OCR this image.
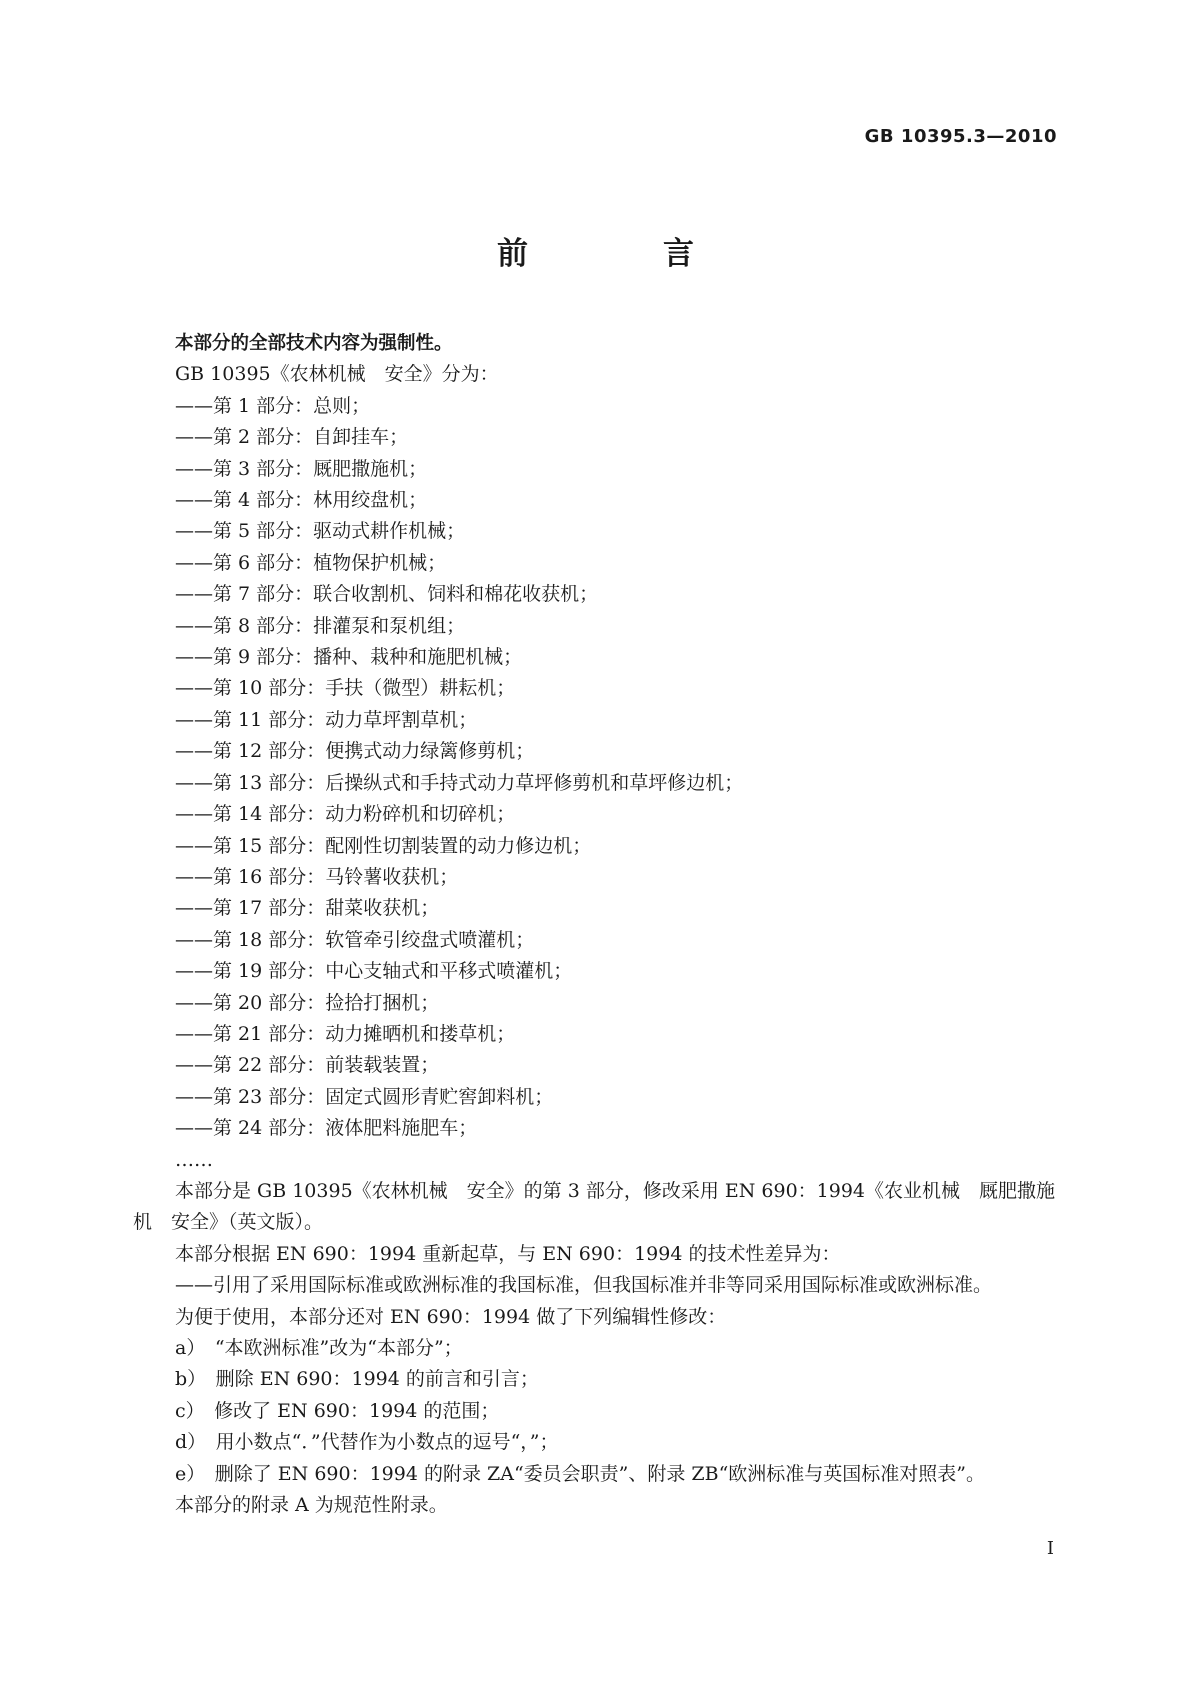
GB 10395.3—2010
前　言
本部分的全部技术内容为强制性。
GB 10395《农林机械　安全》分为：
——第 1 部分：总则；
——第 2 部分：自卸挂车；
——第 3 部分：厩肥撒施机；
——第 4 部分：林用绞盘机；
——第 5 部分：驱动式耕作机械；
——第 6 部分：植物保护机械；
——第 7 部分：联合收割机、饲料和棉花收获机；
——第 8 部分：排灌泵和泵机组；
——第 9 部分：播种、栽种和施肥机械；
——第 10 部分：手扶（微型）耕耘机；
——第 11 部分：动力草坪割草机；
——第 12 部分：便携式动力绿篱修剪机；
——第 13 部分：后操纵式和手持式动力草坪修剪机和草坪修边机；
——第 14 部分：动力粉碎机和切碎机；
——第 15 部分：配刚性切割装置的动力修边机；
——第 16 部分：马铃薯收获机；
——第 17 部分：甜菜收获机；
——第 18 部分：软管牵引绞盘式喷灌机；
——第 19 部分：中心支轴式和平移式喷灌机；
——第 20 部分：捡拾打捆机；
——第 21 部分：动力摊晒机和搂草机；
——第 22 部分：前装载装置；
——第 23 部分：固定式圆形青贮窖卸料机；
——第 24 部分：液体肥料施肥车；
……
本部分是 GB 10395《农林机械　安全》的第 3 部分，修改采用 EN 690：1994《农业机械　厩肥撒施
机　安全》（英文版）。
本部分根据 EN 690：1994 重新起草，与 EN 690：1994 的技术性差异为：
——引用了采用国际标准或欧洲标准的我国标准，但我国标准并非等同采用国际标准或欧洲标准。
为便于使用，本部分还对 EN 690：1994 做了下列编辑性修改：
a）　“本欧洲标准”改为“本部分”；
b）　删除 EN 690：1994 的前言和引言；
c）　修改了 EN 690：1994 的范围；
d）　用小数点“．”代替作为小数点的逗号“，”；
e）　删除了 EN 690：1994 的附录 ZA“委员会职责”、附录 ZB“欧洲标准与英国标准对照表”。
本部分的附录 A 为规范性附录。
I
